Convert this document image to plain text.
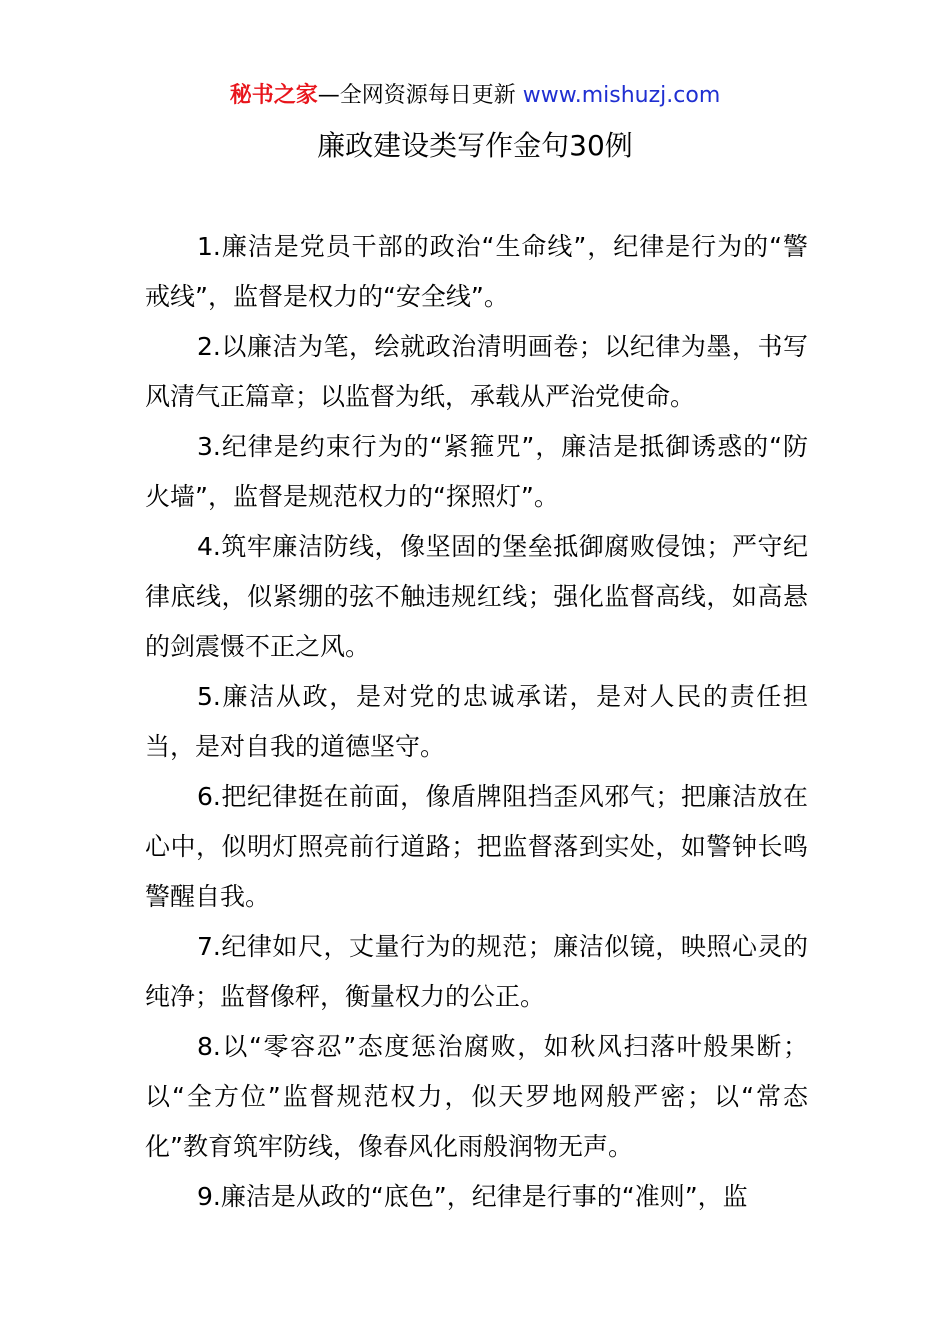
秘书之家—全网资源每日更新 www.mishuzj.com
廉政建设类写作金句30例

1.廉洁是党员干部的政治“生命线”，纪律是行为的“警戒线”，监督是权力的“安全线”。

2.以廉洁为笔，绘就政治清明画卷；以纪律为墨，书写风清气正篇章；以监督为纸，承载从严治党使命。

3.纪律是约束行为的“紧箍咒”，廉洁是抵御诱惑的“防火墙”，监督是规范权力的“探照灯”。

4.筑牢廉洁防线，像坚固的堡垒抵御腐败侵蚀；严守纪律底线，似紧绷的弦不触违规红线；强化监督高线，如高悬的剑震慑不正之风。

5.廉洁从政，是对党的忠诚承诺，是对人民的责任担当，是对自我的道德坚守。

6.把纪律挺在前面，像盾牌阻挡歪风邪气；把廉洁放在心中，似明灯照亮前行道路；把监督落到实处，如警钟长鸣警醒自我。

7.纪律如尺，丈量行为的规范；廉洁似镜，映照心灵的纯净；监督像秤，衡量权力的公正。

8.以“零容忍”态度惩治腐败，如秋风扫落叶般果断；以“全方位”监督规范权力，似天罗地网般严密；以“常态化”教育筑牢防线，像春风化雨般润物无声。

9.廉洁是从政的“底色”，纪律是行事的“准则”，监
